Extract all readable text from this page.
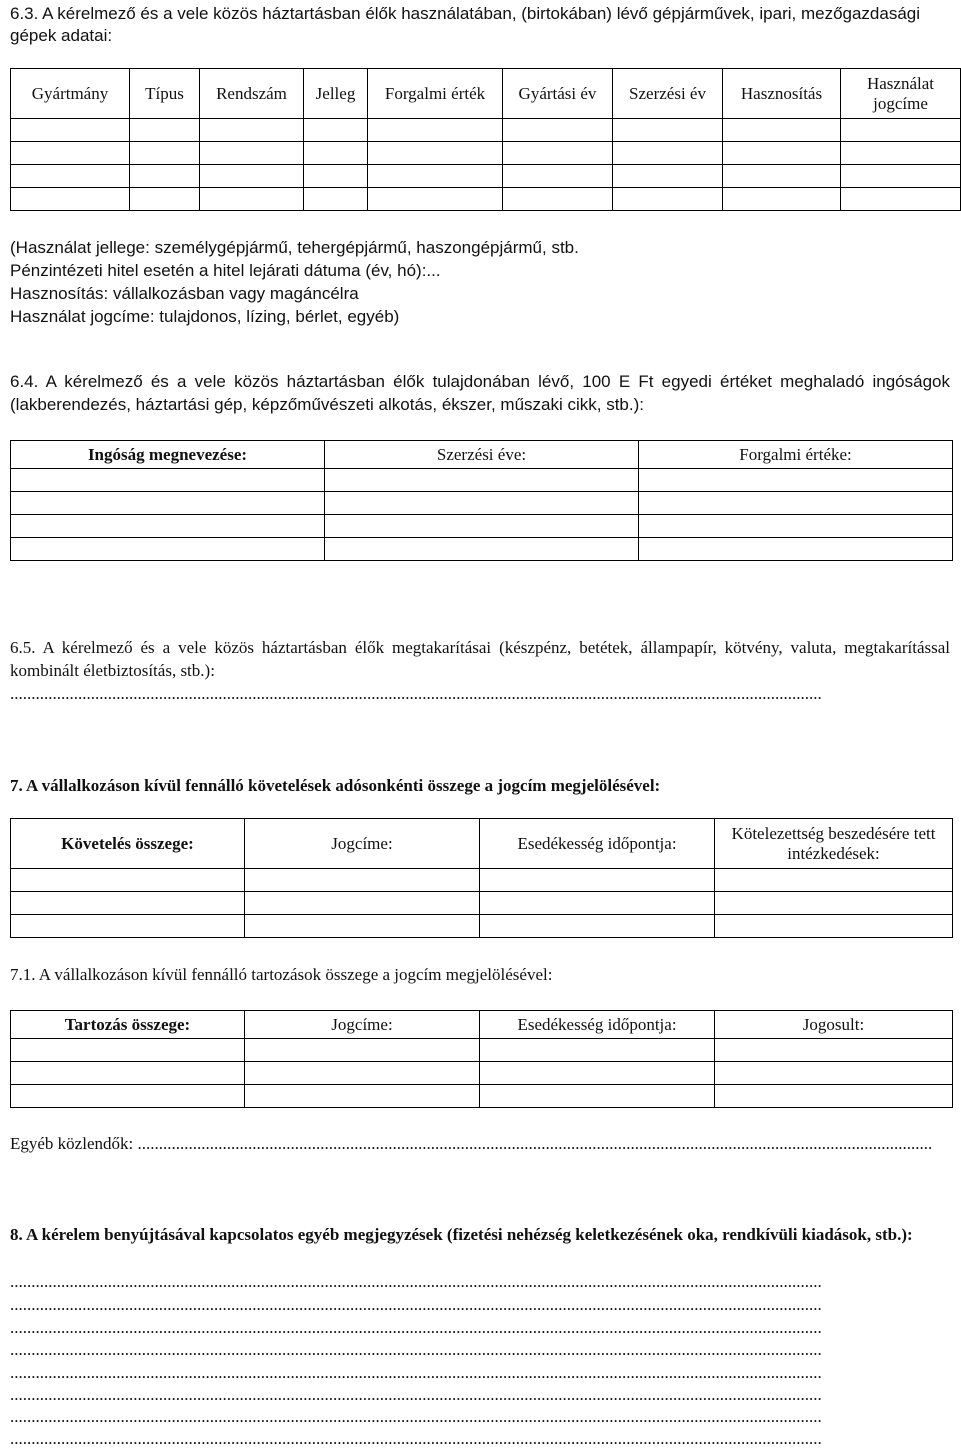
6.3. A kérelmező és a vele közös háztartásban élők használatában, (birtokában) lévő gépjárművek, ipari, mezőgazdasági
gépek adatai:
Gyártmány	Típus	Rendszám	Jelleg	Forgalmi érték	Gyártási év	Szerzési év	Hasznosítás	Használat jogcíme

(Használat jellege: személygépjármű, tehergépjármű, haszongépjármű, stb.
Pénzintézeti hitel esetén a hitel lejárati dátuma (év, hó):...
Hasznosítás: vállalkozásban vagy magáncélra
Használat jogcíme: tulajdonos, lízing, bérlet, egyéb)
6.4. A kérelmező és a vele közös háztartásban élők tulajdonában lévő, 100 E Ft egyedi értéket meghaladó ingóságok (lakberendezés, háztartási gép, képzőművészeti alkotás, ékszer, műszaki cikk, stb.):
Ingóság megnevezése:	Szerzési éve:	Forgalmi értéke:

6.5. A kérelmező és a vele közös háztartásban élők megtakarításai (készpénz, betétek, állampapír, kötvény, valuta, megtakarítással kombinált életbiztosítás, stb.):
...............................................................................................................................................................................................
7. A vállalkozáson kívül fennálló követelések adósonkénti összege a jogcím megjelölésével:
Követelés összege:	Jogcíme:	Esedékesség időpontja:	Kötelezettség beszedésére tett intézkedések:

7.1. A vállalkozáson kívül fennálló tartozások összege a jogcím megjelölésével:
Tartozás összege:	Jogcíme:	Esedékesség időpontja:	Jogosult:

Egyéb közlendők: ...........................................................................................................................................................................................
8. A kérelem benyújtásával kapcsolatos egyéb megjegyzések (fizetési nehézség keletkezésének oka, rendkívüli kiadások, stb.):
...............................................................................................................................................................................................
...............................................................................................................................................................................................
...............................................................................................................................................................................................
...............................................................................................................................................................................................
...............................................................................................................................................................................................
...............................................................................................................................................................................................
...............................................................................................................................................................................................
...............................................................................................................................................................................................
